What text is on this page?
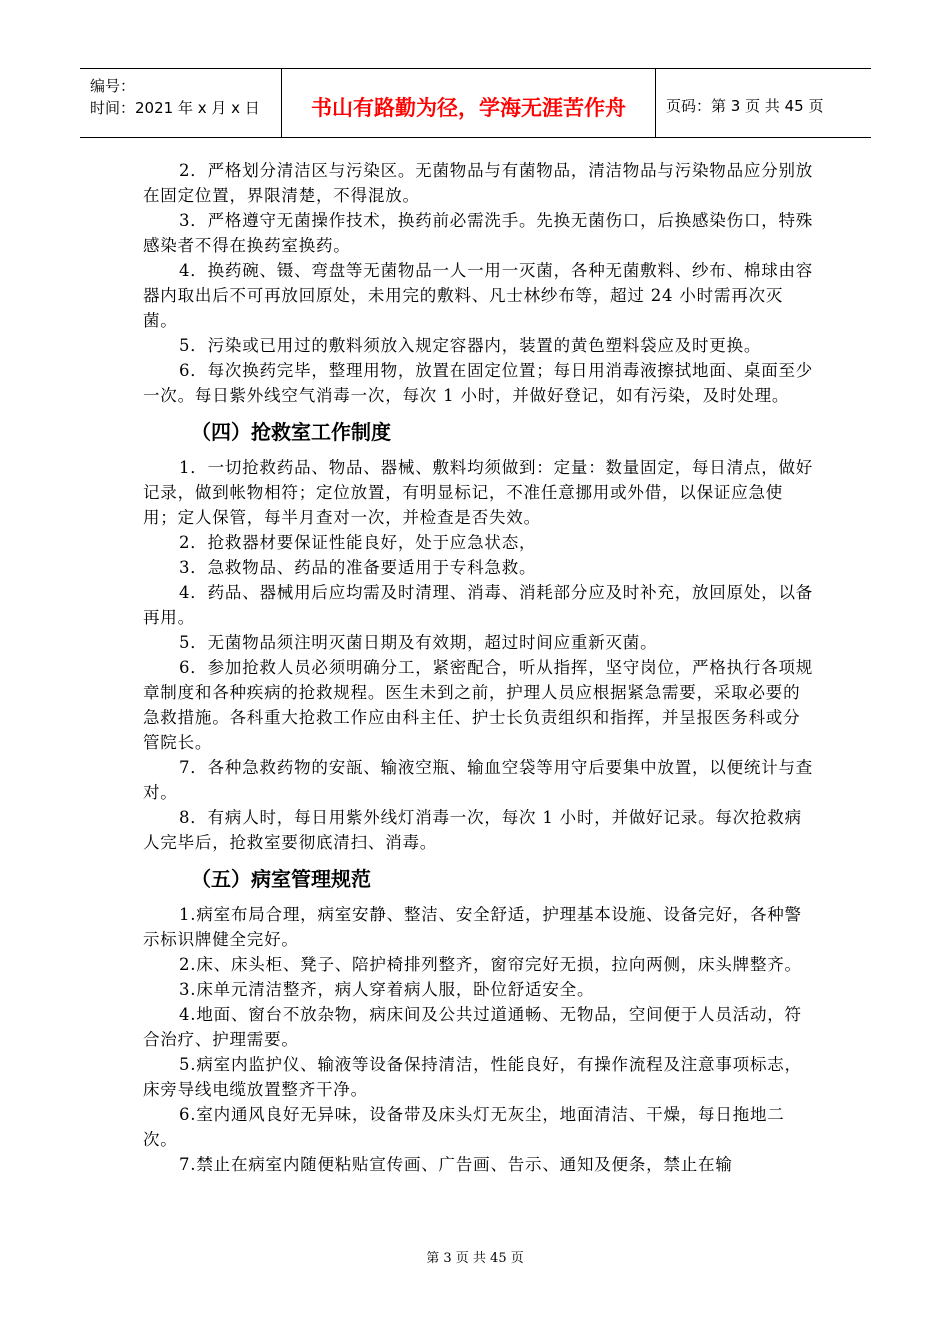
编号：
时间：2021 年 x 月 x 日	书山有路勤为径，学海无涯苦作舟	页码：第 3 页 共 45 页

2．严格划分清洁区与污染区。无菌物品与有菌物品，清洁物品与污染物品应分别放在固定位置，界限清楚，不得混放。

3．严格遵守无菌操作技术，换药前必需洗手。先换无菌伤口，后换感染伤口，特殊感染者不得在换药室换药。

4．换药碗、镊、弯盘等无菌物品一人一用一灭菌，各种无菌敷料、纱布、棉球由容器内取出后不可再放回原处，未用完的敷料、凡士林纱布等，超过 24 小时需再次灭菌。

5．污染或已用过的敷料须放入规定容器内，装置的黄色塑料袋应及时更换。

6．每次换药完毕，整理用物，放置在固定位置；每日用消毒液擦拭地面、桌面至少一次。每日紫外线空气消毒一次，每次 1 小时，并做好登记，如有污染，及时处理。

（四）抢救室工作制度

1．一切抢救药品、物品、器械、敷料均须做到：定量：数量固定，每日清点，做好记录，做到帐物相符；定位放置，有明显标记，不准任意挪用或外借，以保证应急使用；定人保管，每半月查对一次，并检查是否失效。

2．抢救器材要保证性能良好，处于应急状态，

3．急救物品、药品的准备要适用于专科急救。

4．药品、器械用后应均需及时清理、消毒、消耗部分应及时补充，放回原处，以备再用。

5．无菌物品须注明灭菌日期及有效期，超过时间应重新灭菌。

6．参加抢救人员必须明确分工，紧密配合，听从指挥，坚守岗位，严格执行各项规章制度和各种疾病的抢救规程。医生未到之前，护理人员应根据紧急需要，采取必要的急救措施。各科重大抢救工作应由科主任、护士长负责组织和指挥，并呈报医务科或分管院长。

7．各种急救药物的安瓿、输液空瓶、输血空袋等用守后要集中放置，以便统计与查对。

8．有病人时，每日用紫外线灯消毒一次，每次 1 小时，并做好记录。每次抢救病人完毕后，抢救室要彻底清扫、消毒。

（五）病室管理规范

1.病室布局合理，病室安静、整洁、安全舒适，护理基本设施、设备完好，各种警示标识牌健全完好。

2.床、床头柜、凳子、陪护椅排列整齐，窗帘完好无损，拉向两侧，床头牌整齐。

3.床单元清洁整齐，病人穿着病人服，卧位舒适安全。

4.地面、窗台不放杂物，病床间及公共过道通畅、无物品，空间便于人员活动，符合治疗、护理需要。

5.病室内监护仪、输液等设备保持清洁，性能良好，有操作流程及注意事项标志，床旁导线电缆放置整齐干净。

6.室内通风良好无异味，设备带及床头灯无灰尘，地面清洁、干燥，每日拖地二次。

7.禁止在病室内随便粘贴宣传画、广告画、告示、通知及便条，禁止在输

第 3 页 共 45 页
